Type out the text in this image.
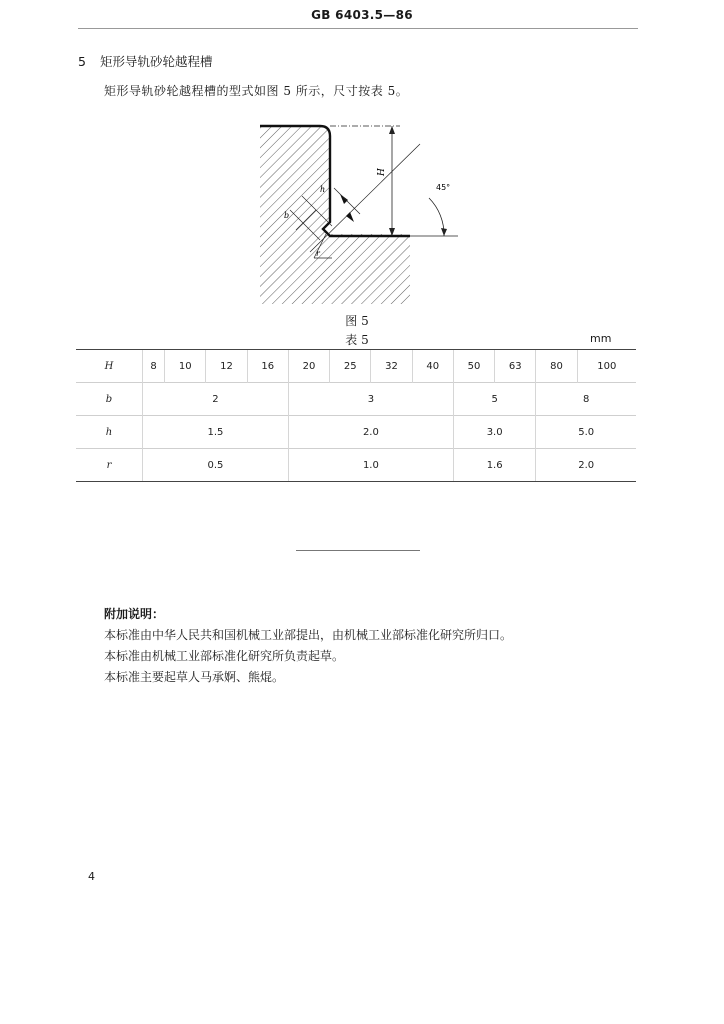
GB 6403.5—86
5 矩形导轨砂轮越程槽
矩形导轨砂轮越程槽的型式如图 5 所示，尺寸按表 5。
H
45°
b
h
r
图 5
表 5	mm
H	8	10	12	16	20	25	32	40	50	63	80	100
b	2				3				5		8	
h	1.5				2.0				3.0		5.0	
r	0.5				1.0				1.6		2.0	
附加说明：
本标准由中华人民共和国机械工业部提出，由机械工业部标准化研究所归口。
本标准由机械工业部标准化研究所负责起草。
本标准主要起草人马承婀、熊焜。
4
